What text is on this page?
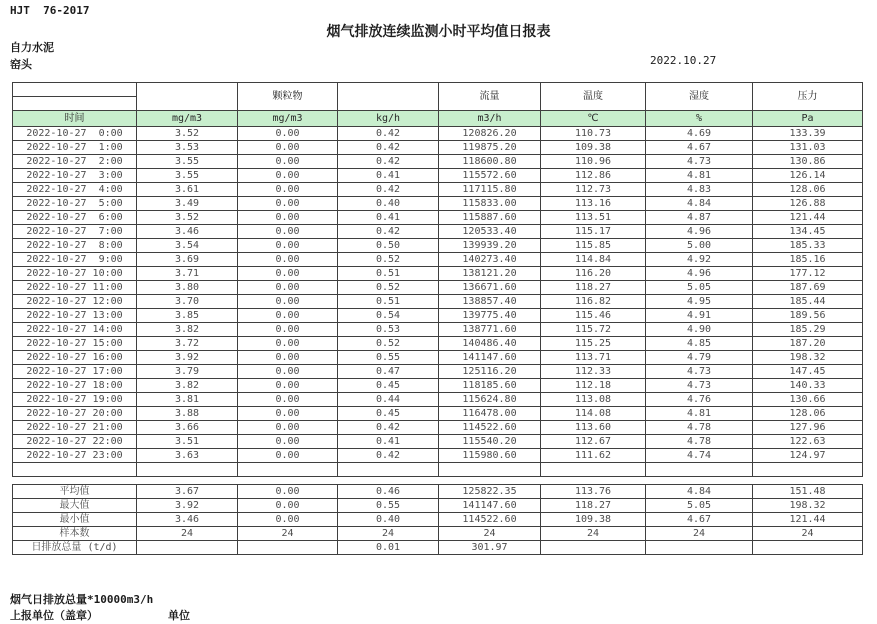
HJT  76-2017
烟气排放连续监测小时平均值日报表
自力水泥
窑头	2022.10.27
		颗粒物		流量	温度	湿度	压力

时间	mg/m3	mg/m3	kg/h	m3/h	℃	%	Pa
2022-10-27  0:00	3.52	0.00	0.42	120826.20	110.73	4.69	133.39
2022-10-27  1:00	3.53	0.00	0.42	119875.20	109.38	4.67	131.03
2022-10-27  2:00	3.55	0.00	0.42	118600.80	110.96	4.73	130.86
2022-10-27  3:00	3.55	0.00	0.41	115572.60	112.86	4.81	126.14
2022-10-27  4:00	3.61	0.00	0.42	117115.80	112.73	4.83	128.06
2022-10-27  5:00	3.49	0.00	0.40	115833.00	113.16	4.84	126.88
2022-10-27  6:00	3.52	0.00	0.41	115887.60	113.51	4.87	121.44
2022-10-27  7:00	3.46	0.00	0.42	120533.40	115.17	4.96	134.45
2022-10-27  8:00	3.54	0.00	0.50	139939.20	115.85	5.00	185.33
2022-10-27  9:00	3.69	0.00	0.52	140273.40	114.84	4.92	185.16
2022-10-27 10:00	3.71	0.00	0.51	138121.20	116.20	4.96	177.12
2022-10-27 11:00	3.80	0.00	0.52	136671.60	118.27	5.05	187.69
2022-10-27 12:00	3.70	0.00	0.51	138857.40	116.82	4.95	185.44
2022-10-27 13:00	3.85	0.00	0.54	139775.40	115.46	4.91	189.56
2022-10-27 14:00	3.82	0.00	0.53	138771.60	115.72	4.90	185.29
2022-10-27 15:00	3.72	0.00	0.52	140486.40	115.25	4.85	187.20
2022-10-27 16:00	3.92	0.00	0.55	141147.60	113.71	4.79	198.32
2022-10-27 17:00	3.79	0.00	0.47	125116.20	112.33	4.73	147.45
2022-10-27 18:00	3.82	0.00	0.45	118185.60	112.18	4.73	140.33
2022-10-27 19:00	3.81	0.00	0.44	115624.80	113.08	4.76	130.66
2022-10-27 20:00	3.88	0.00	0.45	116478.00	114.08	4.81	128.06
2022-10-27 21:00	3.66	0.00	0.42	114522.60	113.60	4.78	127.96
2022-10-27 22:00	3.51	0.00	0.41	115540.20	112.67	4.78	122.63
2022-10-27 23:00	3.63	0.00	0.42	115980.60	111.62	4.74	124.97

平均值	3.67	0.00	0.46	125822.35	113.76	4.84	151.48
最大值	3.92	0.00	0.55	141147.60	118.27	5.05	198.32
最小值	3.46	0.00	0.40	114522.60	109.38	4.67	121.44
样本数	24	24	24	24	24	24	24
日排放总量 (t/d)			0.01	301.97			
烟气日排放总量*10000m3/h
上报单位（盖章）	单位
